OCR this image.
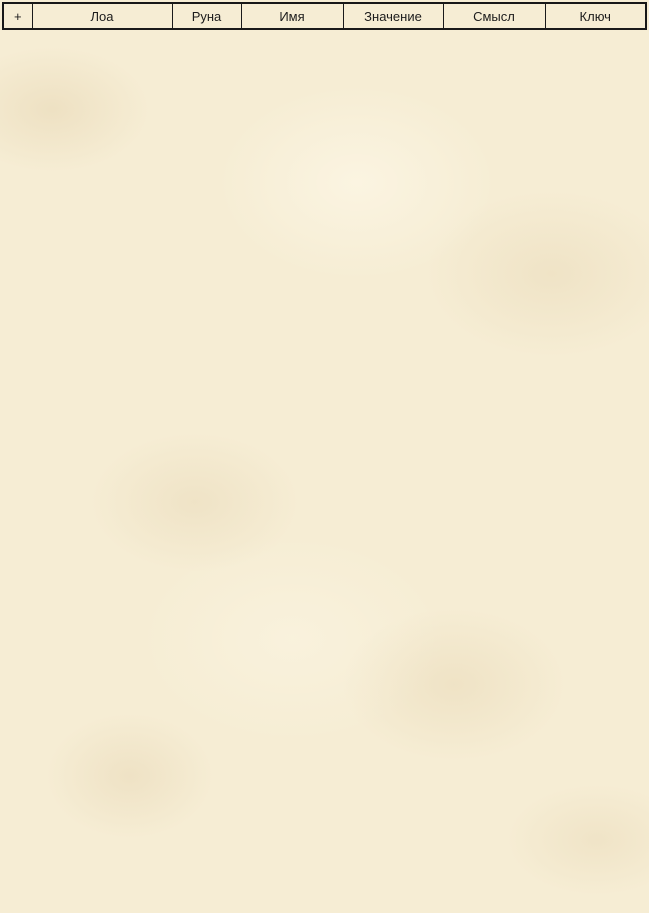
+	Лоа	Руна	Имя	Значение	Смысл	Ключ
